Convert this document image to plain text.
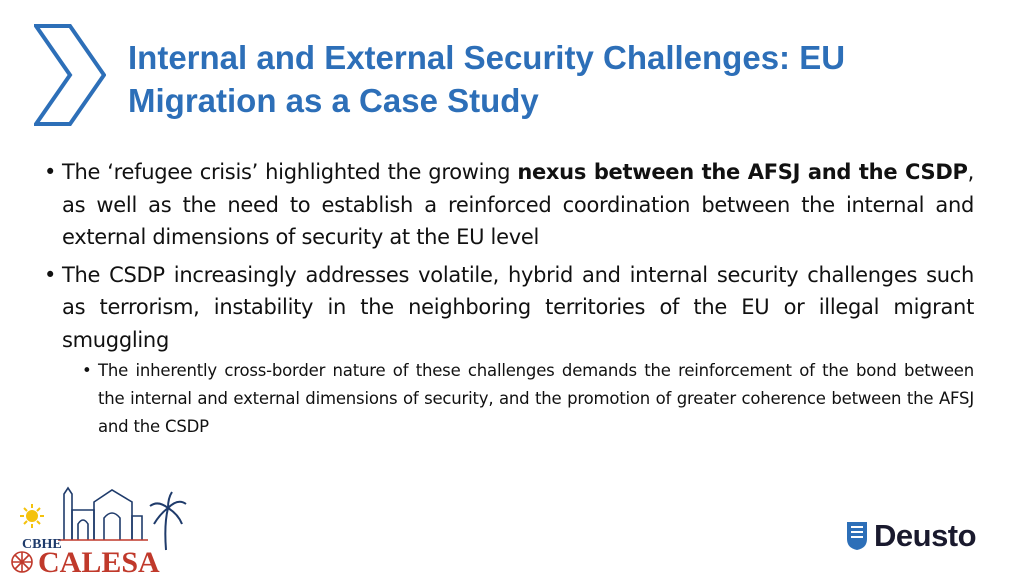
Internal and External Security Challenges: EU Migration as a Case Study
• The ‘refugee crisis’ highlighted the growing nexus between the AFSJ and the CSDP, as well as the need to establish a reinforced coordination between the internal and external dimensions of security at the EU level
• The CSDP increasingly addresses volatile, hybrid and internal security challenges such as terrorism, instability in the neighboring territories of the EU or illegal migrant smuggling
• The inherently cross-border nature of these challenges demands the reinforcement of the bond between the internal and external dimensions of security, and the promotion of greater coherence between the AFSJ and the CSDP
CBHE
CALESA
Deusto
